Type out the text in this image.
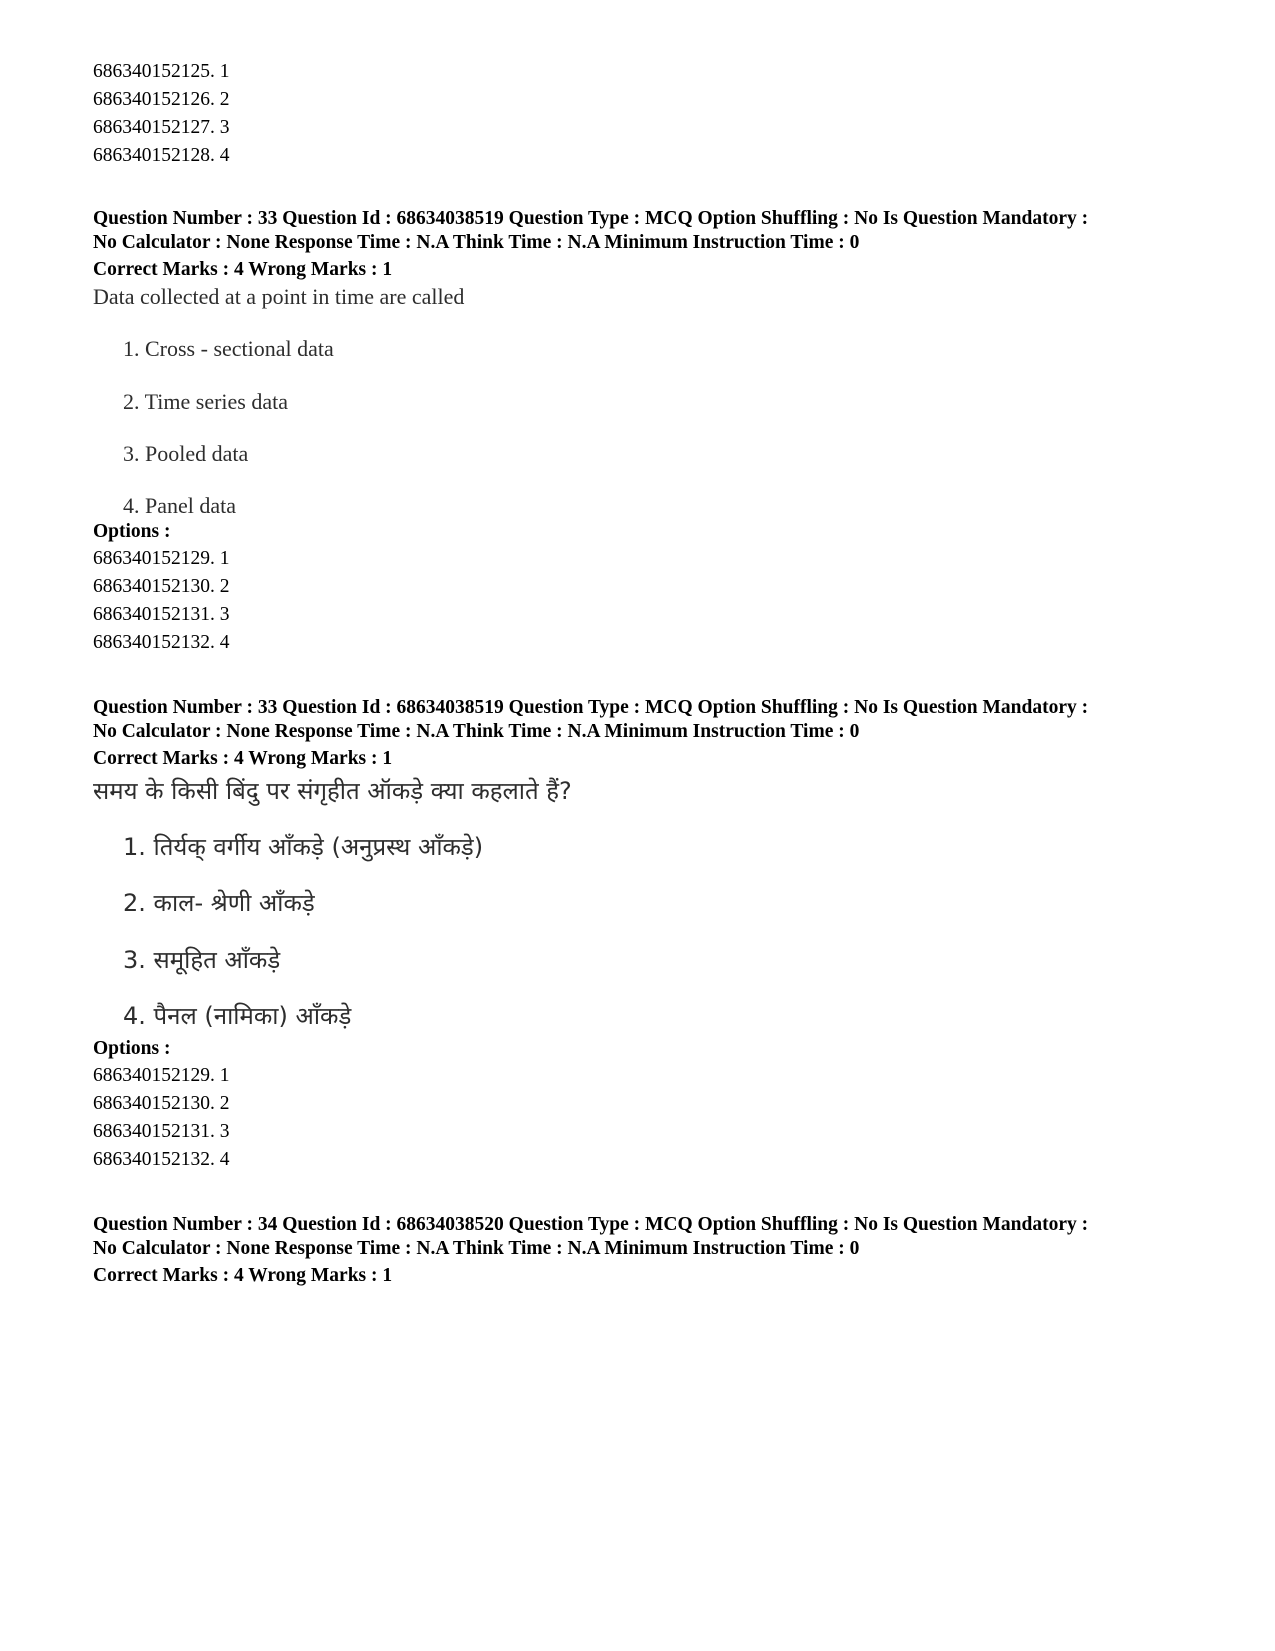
686340152125. 1
686340152126. 2
686340152127. 3
686340152128. 4
Question Number : 33 Question Id : 68634038519 Question Type : MCQ Option Shuffling : No Is Question Mandatory :
No Calculator : None Response Time : N.A Think Time : N.A Minimum Instruction Time : 0
Correct Marks : 4 Wrong Marks : 1
Data collected at a point in time are called
1. Cross - sectional data
2. Time series data
3. Pooled data
4. Panel data
Options :
686340152129. 1
686340152130. 2
686340152131. 3
686340152132. 4
Question Number : 33 Question Id : 68634038519 Question Type : MCQ Option Shuffling : No Is Question Mandatory :
No Calculator : None Response Time : N.A Think Time : N.A Minimum Instruction Time : 0
Correct Marks : 4 Wrong Marks : 1
समय के किसी बिंदु पर संगृहीत ऑकड़े क्या कहलाते हैं?
1. तिर्यक् वर्गीय आँकड़े (अनुप्रस्थ आँकड़े)
2. काल- श्रेणी आँकड़े
3. समूहित आँकड़े
4. पैनल (नामिका) आँकड़े
Options :
686340152129. 1
686340152130. 2
686340152131. 3
686340152132. 4
Question Number : 34 Question Id : 68634038520 Question Type : MCQ Option Shuffling : No Is Question Mandatory :
No Calculator : None Response Time : N.A Think Time : N.A Minimum Instruction Time : 0
Correct Marks : 4 Wrong Marks : 1
